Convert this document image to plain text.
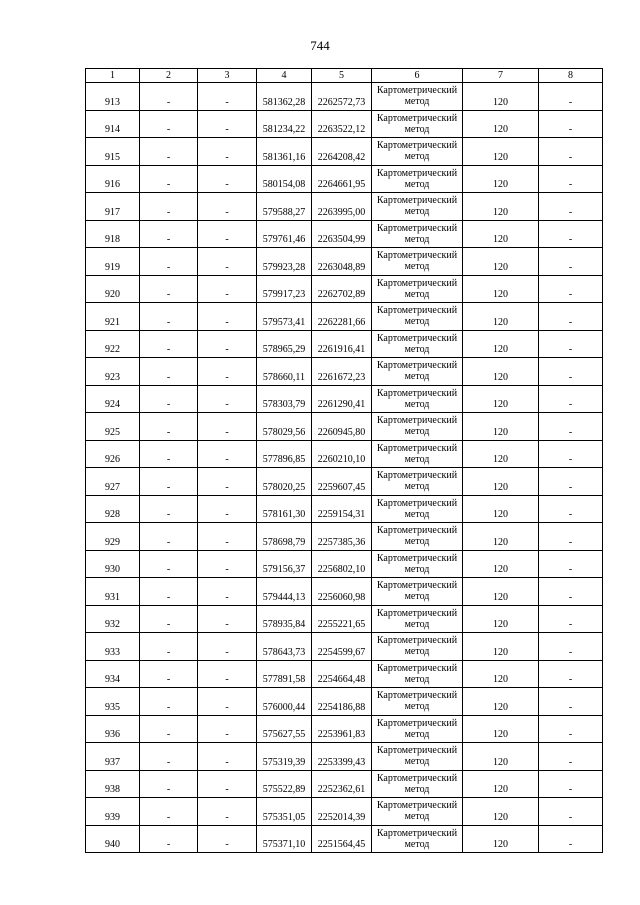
744
1	2	3	4	5	6	7	8
913	-	-	581362,28	2262572,73	Картометрический метод	120	-
914	-	-	581234,22	2263522,12	Картометрический метод	120	-
915	-	-	581361,16	2264208,42	Картометрический метод	120	-
916	-	-	580154,08	2264661,95	Картометрический метод	120	-
917	-	-	579588,27	2263995,00	Картометрический метод	120	-
918	-	-	579761,46	2263504,99	Картометрический метод	120	-
919	-	-	579923,28	2263048,89	Картометрический метод	120	-
920	-	-	579917,23	2262702,89	Картометрический метод	120	-
921	-	-	579573,41	2262281,66	Картометрический метод	120	-
922	-	-	578965,29	2261916,41	Картометрический метод	120	-
923	-	-	578660,11	2261672,23	Картометрический метод	120	-
924	-	-	578303,79	2261290,41	Картометрический метод	120	-
925	-	-	578029,56	2260945,80	Картометрический метод	120	-
926	-	-	577896,85	2260210,10	Картометрический метод	120	-
927	-	-	578020,25	2259607,45	Картометрический метод	120	-
928	-	-	578161,30	2259154,31	Картометрический метод	120	-
929	-	-	578698,79	2257385,36	Картометрический метод	120	-
930	-	-	579156,37	2256802,10	Картометрический метод	120	-
931	-	-	579444,13	2256060,98	Картометрический метод	120	-
932	-	-	578935,84	2255221,65	Картометрический метод	120	-
933	-	-	578643,73	2254599,67	Картометрический метод	120	-
934	-	-	577891,58	2254664,48	Картометрический метод	120	-
935	-	-	576000,44	2254186,88	Картометрический метод	120	-
936	-	-	575627,55	2253961,83	Картометрический метод	120	-
937	-	-	575319,39	2253399,43	Картометрический метод	120	-
938	-	-	575522,89	2252362,61	Картометрический метод	120	-
939	-	-	575351,05	2252014,39	Картометрический метод	120	-
940	-	-	575371,10	2251564,45	Картометрический метод	120	-
